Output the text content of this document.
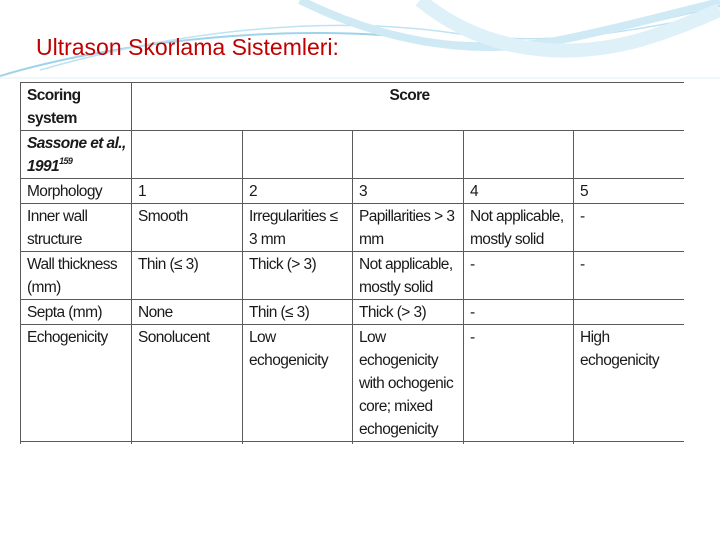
Ultrason Skorlama Sistemleri:
Scoring system	Score				
Sassone et al., 1991$^{159}$					
Morphology	1	2	3	4	5
Inner wall structure	Smooth	Irregularities ≤ 3 mm	Papillarities > 3 mm	Not applicable, mostly solid	-
Wall thickness (mm)	Thin (≤ 3)	Thick (> 3)	Not applicable, mostly solid	-	-
Septa (mm)	None	Thin (≤ 3)	Thick (> 3)	-	
Echogenicity	Sonolucent	Low echogenicity	Low echogenicity with ochogenic core; mixed echogenicity	-	High echogenicity
